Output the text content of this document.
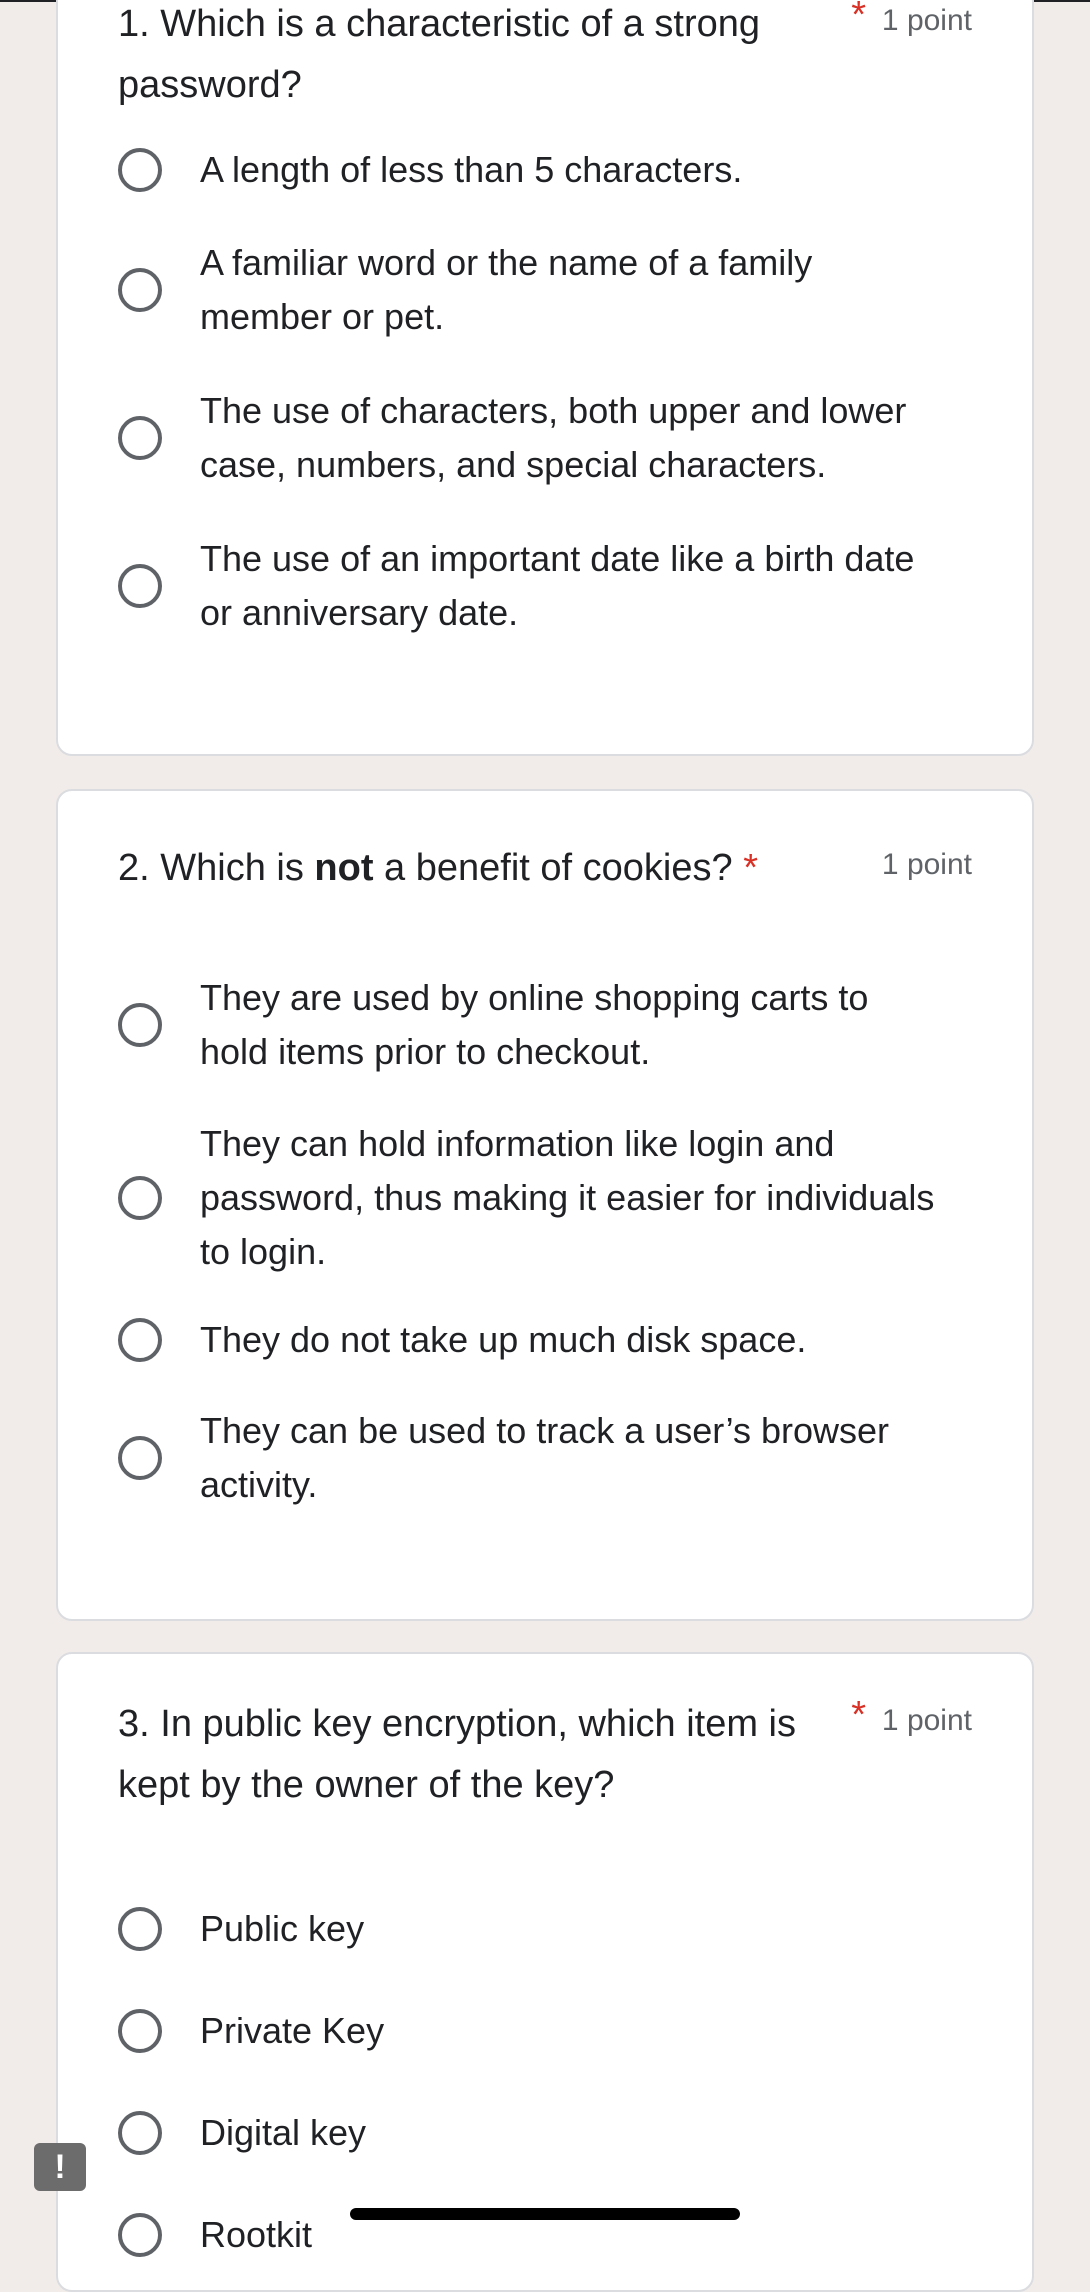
1. Which is a characteristic of a strong password?
* 1 point
A length of less than 5 characters.
A familiar word or the name of a family member or pet.
The use of characters, both upper and lower case, numbers, and special characters.
The use of an important date like a birth date or anniversary date.
2. Which is not a benefit of cookies? *	1 point
They are used by online shopping carts to hold items prior to checkout.
They can hold information like login and password, thus making it easier for individuals to login.
They do not take up much disk space.
They can be used to track a user’s browser activity.
3. In public key encryption, which item is kept by the owner of the key?
* 1 point
Public key
Private Key
Digital key
Rootkit
!
